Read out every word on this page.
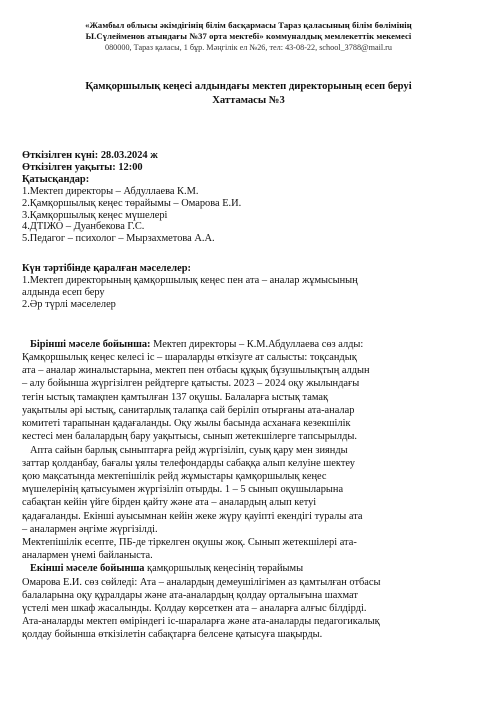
«Жамбыл облысы әкімдігінің білім басқармасы Тараз қаласының білім бөлімінің
Ы.Сүлейменов атындағы №37 орта мектебі» коммуналдық мемлекеттік мекемесі
080000, Тараз қаласы, 1 бұр. Мәңгілік ел №26, тел: 43-08-22, school_3788@mail.ru
Қамқоршылық кеңесі алдындағы мектеп директорының есеп беруі
Хаттамасы №3
Өткізілген күні: 28.03.2024 ж
Өткізілген уақыты: 12:00
Қатысқандар:
1.Мектеп директоры – Абдуллаева К.М.
2.Қамқоршылық кеңес төрайымы – Омарова Е.И.
3.Қамқоршылық кеңес мүшелері
4.ДТІЖО – Дуанбекова Г.С.
5.Педагог – психолог – Мырзахметова А.А.
Күн тәртібінде қаралған мәселелер:
1.Мектеп директорының қамқоршылық кеңес пен ата – аналар жұмысының
алдында есеп беру
2.Әр түрлі мәселелер

Бірінші мәселе бойынша: Мектеп директоры – К.М.Абдуллаева сөз алды:

Қамқоршылық кеңес келесі іс – шараларды өткізуге ат салысты: тоқсандық

ата – аналар жиналыстарына, мектеп пен отбасы құқық бұзушылықтың алдын

– алу бойынша жүргізілген рейдтерге қатысты. 2023 – 2024 оқу жылындағы

тегін ыстық тамақпен қамтылған 137 оқушы. Балаларға ыстық тамақ

уақытылы әрі ыстық, санитарлық талапқа сай беріліп отырғаны ата-аналар

комитеті тарапынан қадағаланды. Оқу жылы басында асханаға кезекшілік

кестесі мен балалардың бару уақытысы, сынып жетекшілерге тапсырылды.

Апта сайын барлық сыныптарға рейд жүргізіліп, суық қару мен зиянды

заттар қолданбау, бағалы ұялы телефондарды сабаққа алып келуіне шектеу

қою мақсатында мектепішілік рейд жұмыстары қамқоршылық кеңес

мүшелерінің қатысуымен жүргізіліп отырды. 1 – 5 сынып оқушыларына

сабақтан кейін үйге бірден қайту және ата – аналардың алып кетуі

қадағаланды. Екінші ауысымнан кейін жеке жүру қауіпті екендігі туралы ата

– аналармен әңгіме жүргізілді.

Мектепішілік есепте, ПБ-де тіркелген оқушы жоқ. Сынып жетекшілері ата-

аналармен үнемі байланыста.

Екінші мәселе бойынша қамқоршылық кеңесінің төрайымы

Омарова Е.И. сөз сөйледі: Ата – аналардың демеушілігімен аз қамтылған отбасы

балаларына оқу құралдары және ата-аналардың қолдау орталығына шахмат

үстелі мен шкаф жасалынды. Қолдау көрсеткен ата – аналарға алғыс білдірді.

Ата-аналарды мектеп өміріндегі іс-шараларға және ата-аналарды педагогикалық

қолдау бойынша өткізілетін сабақтарға белсене қатысуға шақырды.
